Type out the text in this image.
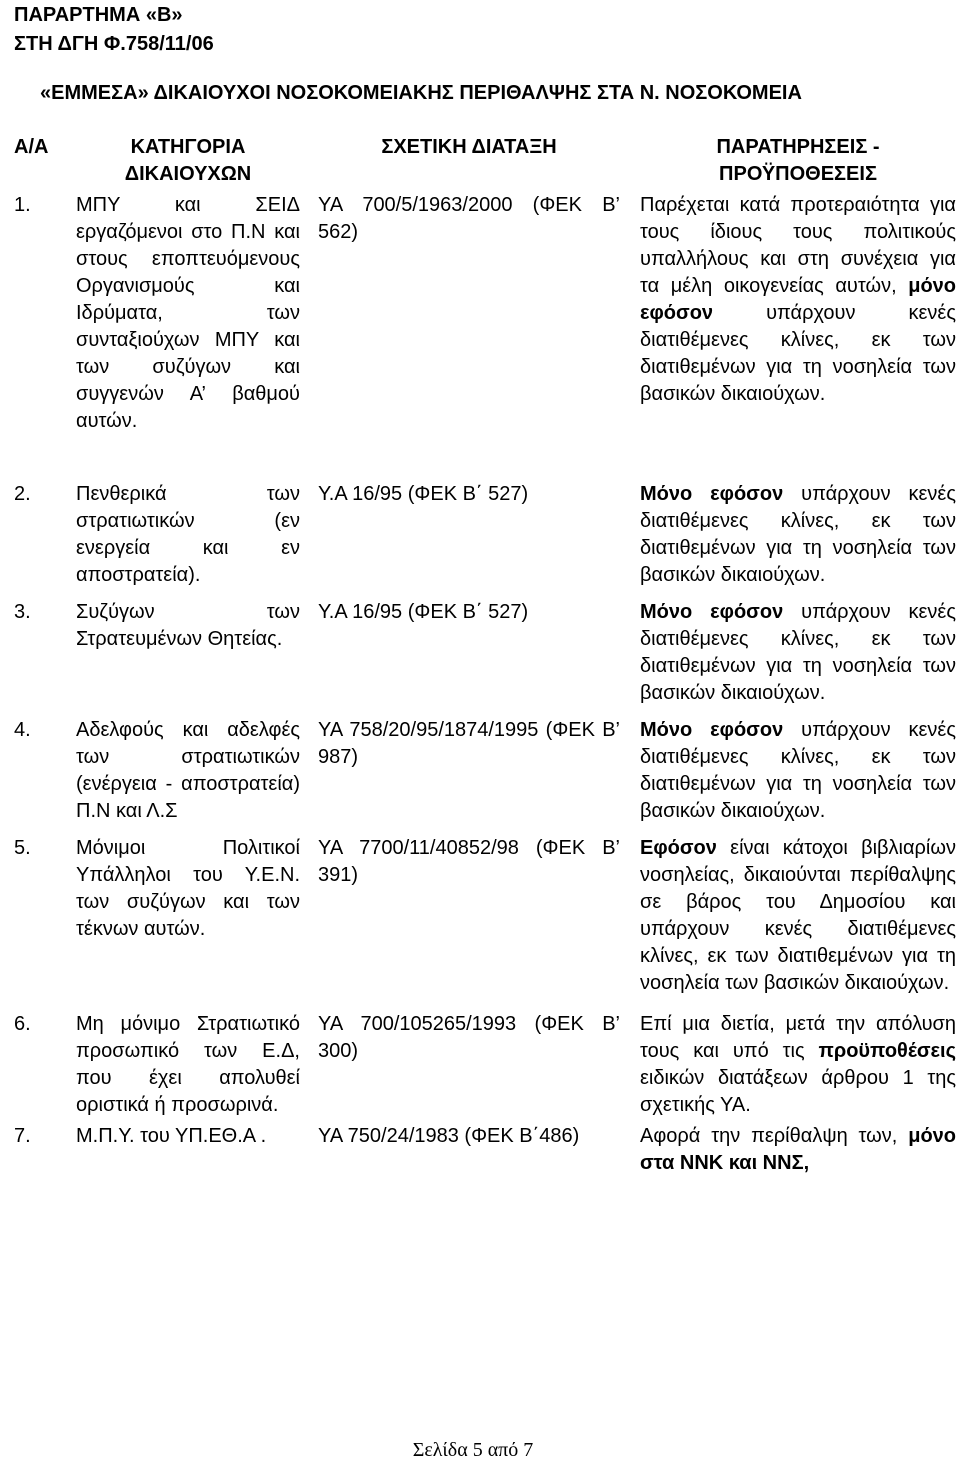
ΠΑΡΑΡΤΗΜΑ «Β»
ΣΤΗ ΔΓΗ Φ.758/11/06
«ΕΜΜΕΣΑ» ΔΙΚΑΙΟΥΧΟΙ ΝΟΣΟΚΟΜΕΙΑΚΗΣ ΠΕΡΙΘΑΛΨΗΣ ΣΤΑ Ν. ΝΟΣΟΚΟΜΕΙΑ
Α/Α	ΚΑΤΗΓΟΡΙΑ ΔΙΚΑΙΟΥΧΩΝ	ΣΧΕΤΙΚΗ ΔΙΑΤΑΞΗ	ΠΑΡΑΤΗΡΗΣΕΙΣ - ΠΡΟΫΠΟΘΕΣΕΙΣ
1.	ΜΠΥ και ΣΕΙΔ εργαζόμενοι στο Π.Ν και στους εποπτευόμενους Οργανισμούς και Ιδρύματα, των συνταξιούχων ΜΠΥ και των συζύγων και συγγενών Α’ βαθμού αυτών.	ΥΑ 700/5/1963/2000 (ΦΕΚ Β’ 562)	Παρέχεται κατά προτεραιότητα για τους ίδιους τους πολιτικούς υπαλλήλους και στη συνέχεια για τα μέλη οικογενείας αυτών, μόνο εφόσον υπάρχουν κενές διατιθέμενες κλίνες, εκ των διατιθεμένων για τη νοσηλεία των βασικών δικαιούχων.
2.	Πενθερικά των στρατιωτικών (εν ενεργεία και εν αποστρατεία).	Υ.Α 16/95 (ΦΕΚ Β΄ 527)	Μόνο εφόσον υπάρχουν κενές διατιθέμενες κλίνες, εκ των διατιθεμένων για τη νοσηλεία των βασικών δικαιούχων.
3.	Συζύγων των Στρατευμένων Θητείας.	Υ.Α 16/95 (ΦΕΚ Β΄ 527)	Μόνο εφόσον υπάρχουν κενές διατιθέμενες κλίνες, εκ των διατιθεμένων για τη νοσηλεία των βασικών δικαιούχων.
4.	Αδελφούς και αδελφές των στρατιωτικών (ενέργεια - αποστρατεία) Π.Ν και Λ.Σ	ΥΑ 758/20/95/1874/1995 (ΦΕΚ Β’ 987)	Μόνο εφόσον υπάρχουν κενές διατιθέμενες κλίνες, εκ των διατιθεμένων για τη νοσηλεία των βασικών δικαιούχων.
5.	Μόνιμοι Πολιτικοί Υπάλληλοι του Υ.Ε.Ν. των συζύγων και των τέκνων αυτών.	ΥΑ 7700/11/40852/98 (ΦΕΚ Β’ 391)	Εφόσον είναι κάτοχοι βιβλιαρίων νοσηλείας, δικαιούνται περίθαλψης σε βάρος του Δημοσίου και υπάρχουν κενές διατιθέμενες κλίνες, εκ των διατιθεμένων για τη νοσηλεία των βασικών δικαιούχων.
6.	Μη μόνιμο Στρατιωτικό προσωπικό των Ε.Δ, που έχει απολυθεί οριστικά ή προσωρινά.	ΥΑ 700/105265/1993 (ΦΕΚ Β’ 300)	Επί μια διετία, μετά την απόλυση τους και υπό τις προϋποθέσεις ειδικών διατάξεων άρθρου 1 της σχετικής ΥΑ.
7.	Μ.Π.Υ. του ΥΠ.ΕΘ.Α .	ΥΑ 750/24/1983 (ΦΕΚ Β΄486)	Αφορά την περίθαλψη των, μόνο στα ΝΝΚ και ΝΝΣ,
Σελίδα 5 από 7
